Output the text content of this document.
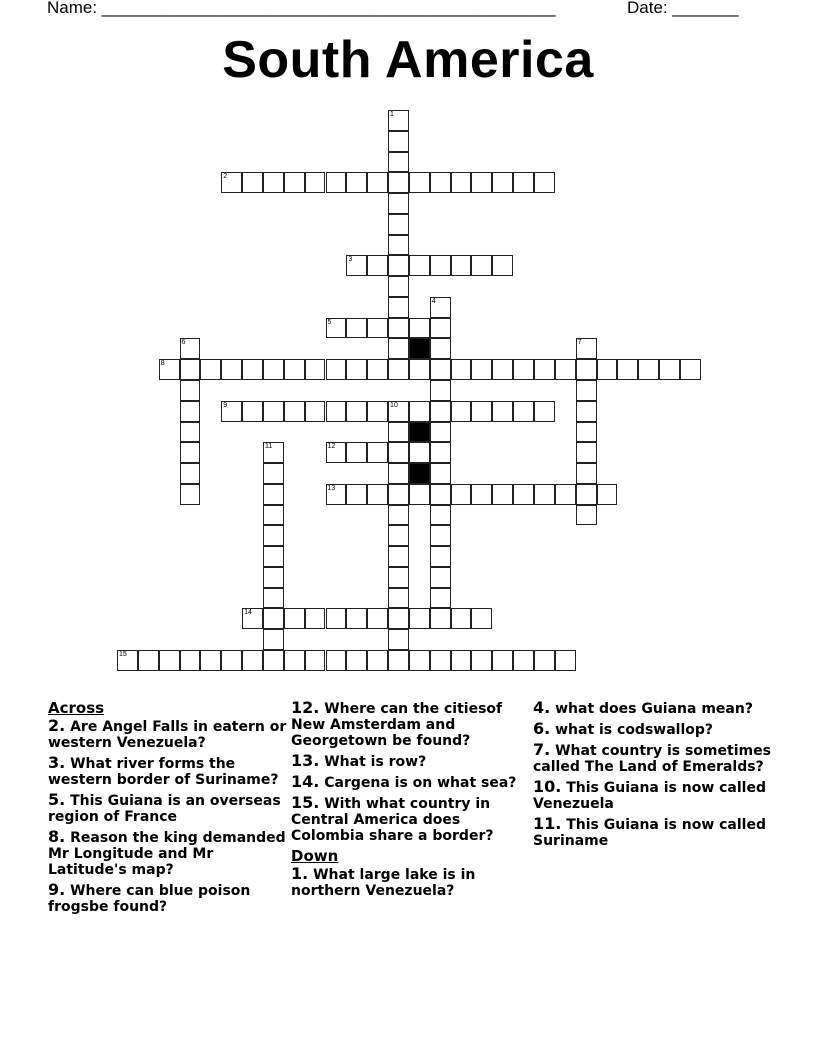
Name: ________________________________________________	Date: _______
South America
1
2
3
4
5
6	7
8
9	10
11	12
13
14
15
Across
2. Are Angel Falls in eatern or western Venezuela?
3. What river forms the western border of Suriname?
5. This Guiana is an overseas region of France
8. Reason the king demanded Mr Longitude and Mr Latitude's map?
9. Where can blue poison frogsbe found?
12. Where can the citiesof New Amsterdam and Georgetown be found?
13. What is row?
14. Cargena is on what sea?
15. With what country in Central America does Colombia share a border?
Down
1. What large lake is in northern Venezuela?
4. what does Guiana mean?
6. what is codswallop?
7. What country is sometimes called The Land of Emeralds?
10. This Guiana is now called Venezuela
11. This Guiana is now called Suriname
